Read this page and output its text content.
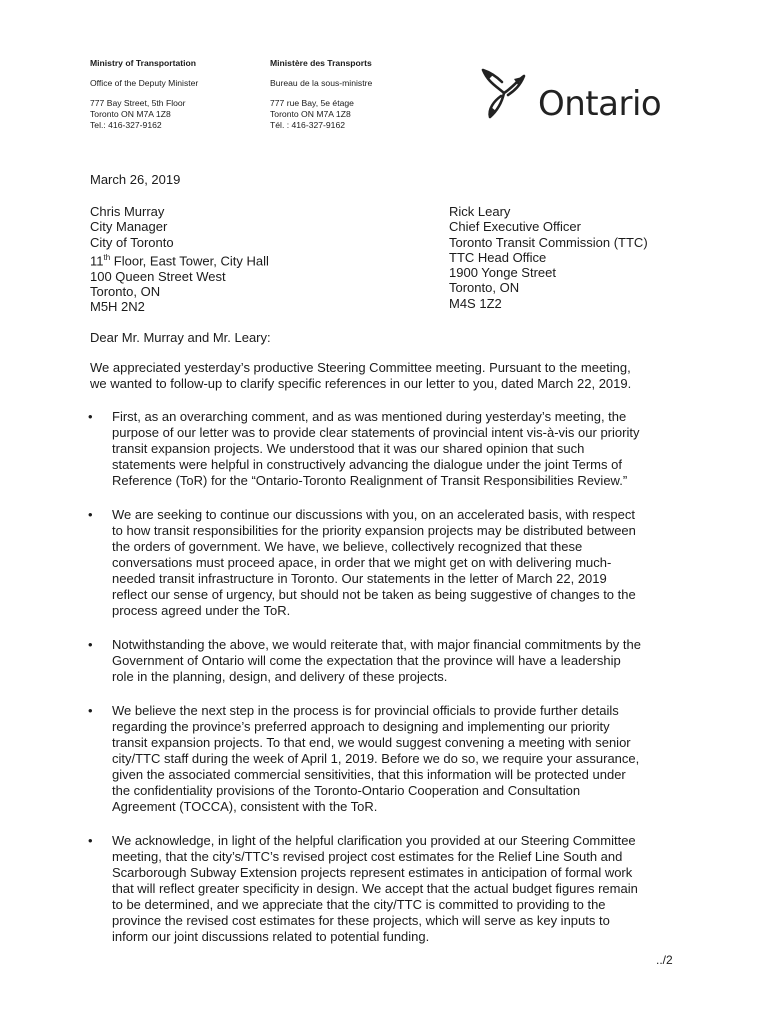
Ministry of Transportation
Office of the Deputy Minister
777 Bay Street, 5th Floor
Toronto ON M7A 1Z8
Tel.: 416-327-9162
Ministère des Transports
Bureau de la sous-ministre
777 rue Bay, 5e étage
Toronto ON M7A 1Z8
Tél. : 416-327-9162
Ontario
March 26, 2019
Chris Murray
City Manager
City of Toronto
11th Floor, East Tower, City Hall
100 Queen Street West
Toronto, ON
M5H 2N2
Rick Leary
Chief Executive Officer
Toronto Transit Commission (TTC)
TTC Head Office
1900 Yonge Street
Toronto, ON
M4S 1Z2
Dear Mr. Murray and Mr. Leary:
We appreciated yesterday’s productive Steering Committee meeting. Pursuant to the meeting,
we wanted to follow-up to clarify specific references in our letter to you, dated March 22, 2019.
• First, as an overarching comment, and as was mentioned during yesterday’s meeting, the
purpose of our letter was to provide clear statements of provincial intent vis-à-vis our priority
transit expansion projects. We understood that it was our shared opinion that such
statements were helpful in constructively advancing the dialogue under the joint Terms of
Reference (ToR) for the “Ontario-Toronto Realignment of Transit Responsibilities Review.”
• We are seeking to continue our discussions with you, on an accelerated basis, with respect
to how transit responsibilities for the priority expansion projects may be distributed between
the orders of government. We have, we believe, collectively recognized that these
conversations must proceed apace, in order that we might get on with delivering much-
needed transit infrastructure in Toronto. Our statements in the letter of March 22, 2019
reflect our sense of urgency, but should not be taken as being suggestive of changes to the
process agreed under the ToR.
• Notwithstanding the above, we would reiterate that, with major financial commitments by the
Government of Ontario will come the expectation that the province will have a leadership
role in the planning, design, and delivery of these projects.
• We believe the next step in the process is for provincial officials to provide further details
regarding the province’s preferred approach to designing and implementing our priority
transit expansion projects. To that end, we would suggest convening a meeting with senior
city/TTC staff during the week of April 1, 2019. Before we do so, we require your assurance,
given the associated commercial sensitivities, that this information will be protected under
the confidentiality provisions of the Toronto-Ontario Cooperation and Consultation
Agreement (TOCCA), consistent with the ToR.
• We acknowledge, in light of the helpful clarification you provided at our Steering Committee
meeting, that the city’s/TTC’s revised project cost estimates for the Relief Line South and
Scarborough Subway Extension projects represent estimates in anticipation of formal work
that will reflect greater specificity in design. We accept that the actual budget figures remain
to be determined, and we appreciate that the city/TTC is committed to providing to the
province the revised cost estimates for these projects, which will serve as key inputs to
inform our joint discussions related to potential funding.
../2
